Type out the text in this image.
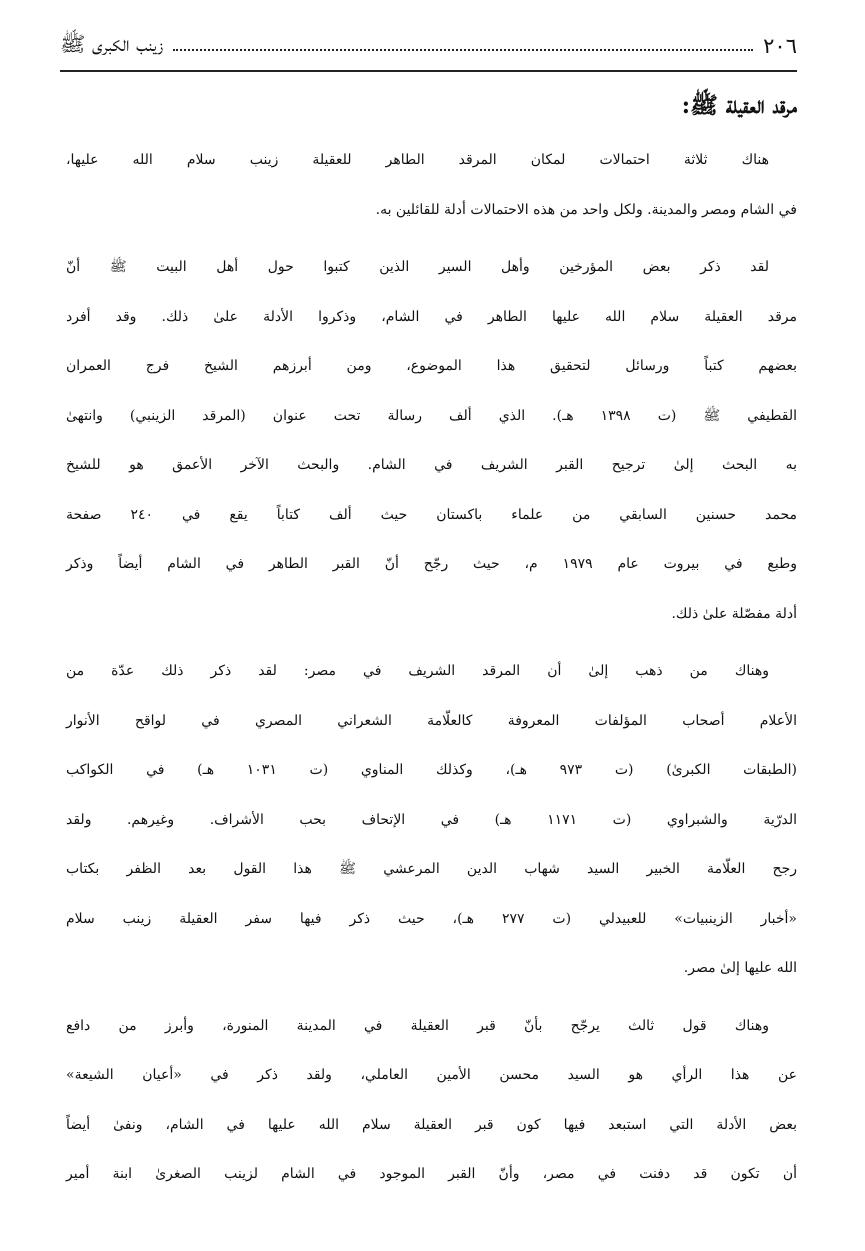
٢٠٦
زينب الكبرى ﷺ
مرقد العقيلة ﷺ:
هناك ثلاثة احتمالات لمكان المرقد الطاهر للعقيلة زينب سلام الله عليها،
في الشام ومصر والمدينة. ولكل واحد من هذه الاحتمالات أدلة للقائلين به.
لقد ذكر بعض المؤرخين وأهل السير الذين كتبوا حول أهل البيت ﷺ أنّ
مرقد العقيلة سلام الله عليها الطاهر في الشام، وذكروا الأدلة علىٰ ذلك. وقد أفرد
بعضهم كتباً ورسائل لتحقيق هذا الموضوع، ومن أبرزهم الشيخ فرج العمران
القطيفي ﷺ (ت ١٣٩٨ هـ). الذي ألف رسالة تحت عنوان (المرقد الزينبي) وانتهىٰ
به البحث إلىٰ ترجيح القبر الشريف في الشام. والبحث الآخر الأعمق هو للشيخ
محمد حسنين السابقي من علماء باكستان حيث ألف كتاباً يقع في ٢٤٠ صفحة
وطبع في بيروت عام ١٩٧٩ م، حيث رجّح أنّ القبر الطاهر في الشام أيضاً وذكر
أدلة مفصّلة علىٰ ذلك.
وهناك من ذهب إلىٰ أن المرقد الشريف في مصر: لقد ذكر ذلك عدّة من
الأعلام أصحاب المؤلفات المعروفة كالعلّامة الشعراني المصري في لواقح الأنوار
(الطبقات الكبرىٰ) (ت ٩٧٣ هـ)، وكذلك المناوي (ت ١٠٣١ هـ) في الكواكب
الدرّية والشبراوي (ت ١١٧١ هـ) في الإتحاف بحب الأشراف. وغيرهم. ولقد
رجح العلّامة الخبير السيد شهاب الدين المرعشي ﷺ هذا القول بعد الظفر بكتاب
«أخبار الزينبيات» للعبيدلي (ت ٢٧٧ هـ)، حيث ذكر فيها سفر العقيلة زينب سلام
الله عليها إلىٰ مصر.
وهناك قول ثالث يرجّح بأنّ قبر العقيلة في المدينة المنورة، وأبرز من دافع
عن هذا الرأي هو السيد محسن الأمين العاملي، ولقد ذكر في «أعيان الشيعة»
بعض الأدلة التي استبعد فيها كون قبر العقيلة سلام الله عليها في الشام، ونفىٰ أيضاً
أن تكون قد دفنت في مصر، وأنّ القبر الموجود في الشام لزينب الصغرىٰ ابنة أمير
